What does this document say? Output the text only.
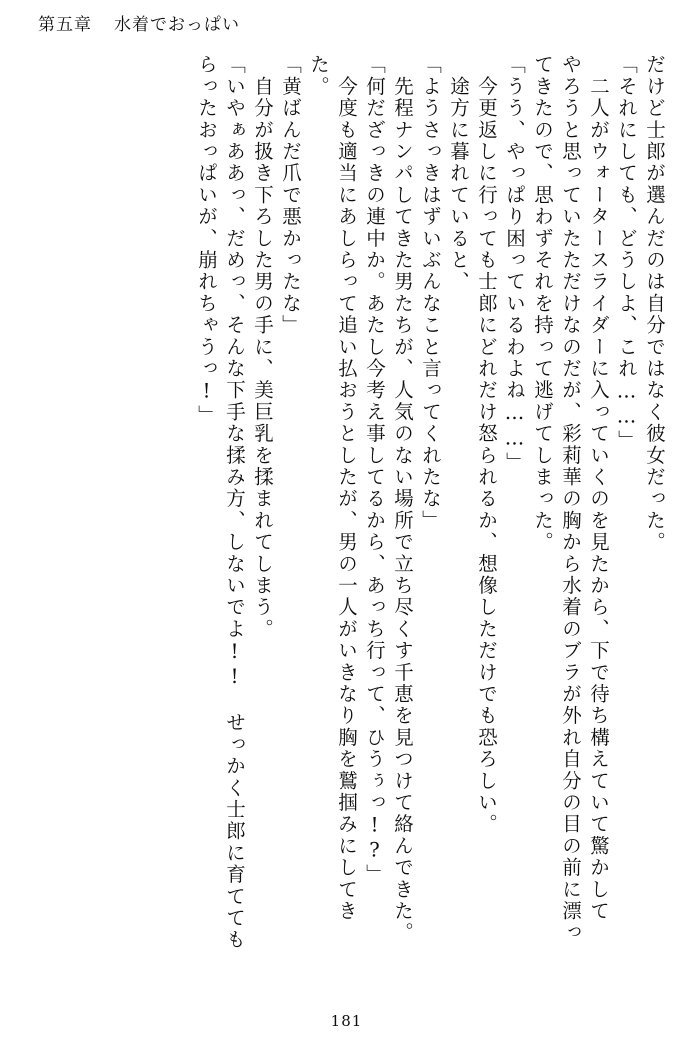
第五章 水着でおっぱい
だけど士郎が選んだのは自分ではなく彼女だった。
「それにしても、どうしよ、これ……」
　二人がウォータースライダーに入っていくのを見たから、下で待ち構えていて驚かして
やろうと思っていたただけなのだが、彩莉華の胸から水着のブラが外れ自分の目の前に漂っ
てきたので、思わずそれを持って逃げてしまった。
「うう、やっぱり困っているわよね……」
　今更返しに行っても士郎にどれだけ怒られるか、想像しただけでも恐ろしい。
　途方に暮れていると、
「ようさっきはずいぶんなこと言ってくれたな」
　先程ナンパしてきた男たちが、人気のない場所で立ち尽くす千恵を見つけて絡んできた。
「何だざっきの連中か。あたし今考え事してるから、あっち行って、ひうぅっ!?」
　今度も適当にあしらって追い払おうとしたが、男の一人がいきなり胸を鷲掴みにしてき
た。
「黄ばんだ爪で悪かったな」
　自分が扱き下ろした男の手に、美巨乳を揉まれてしまう。
「いやぁああっ、だめっ、そんな下手な揉み方、しないでよ!!　せっかく士郎に育てても
らったおっぱいが、崩れちゃうっ!」
181
